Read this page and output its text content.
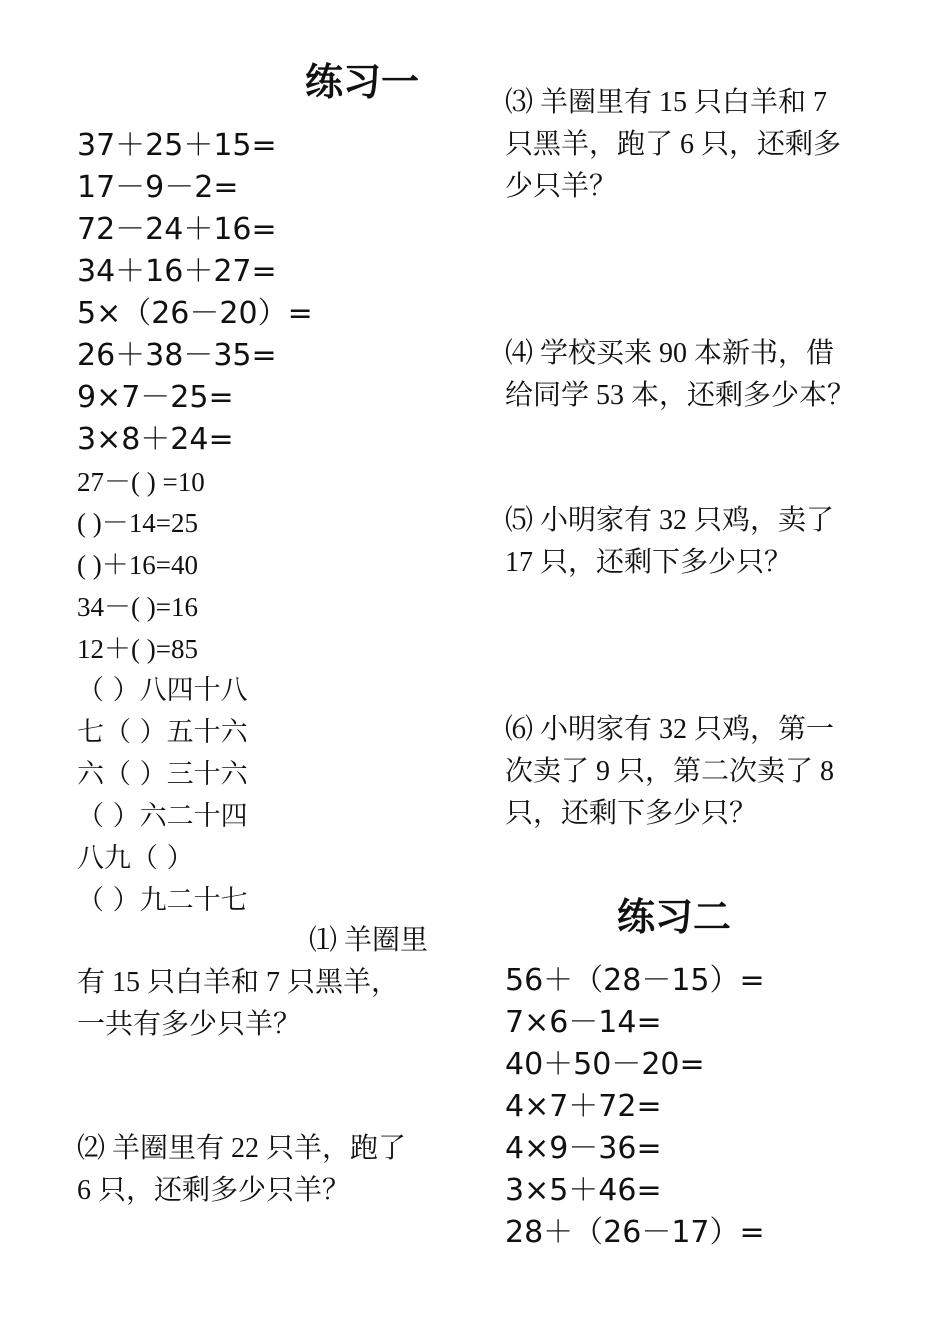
练习一
37＋25＋15=
17－9－2=
72－24＋16=
34＋16＋27=
5×（26－20）=
26＋38－35=
9×7－25=
3×8＋24=
27－( ) =10
( )－14=25
( )＋16=40
34－( )=16
12＋( )=85
（ ）八四十八
七（ ）五十六
六（ ）三十六
（ ）六二十四
八九（ ）
（ ）九二十七
⑴ 羊圈里
有 15 只白羊和 7 只黑羊，
一共有多少只羊？
⑵ 羊圈里有 22 只羊，跑了
6 只，还剩多少只羊？
⑶ 羊圈里有 15 只白羊和 7
只黑羊，跑了 6 只，还剩多
少只羊？
⑷ 学校买来 90 本新书，借
给同学 53 本，还剩多少本？
⑸ 小明家有 32 只鸡，卖了
17 只，还剩下多少只？
⑹ 小明家有 32 只鸡，第一
次卖了 9 只，第二次卖了 8
只，还剩下多少只？
练习二
56＋（28－15）=
7×6－14=
40＋50－20=
4×7＋72=
4×9－36=
3×5＋46=
28＋（26－17）=
